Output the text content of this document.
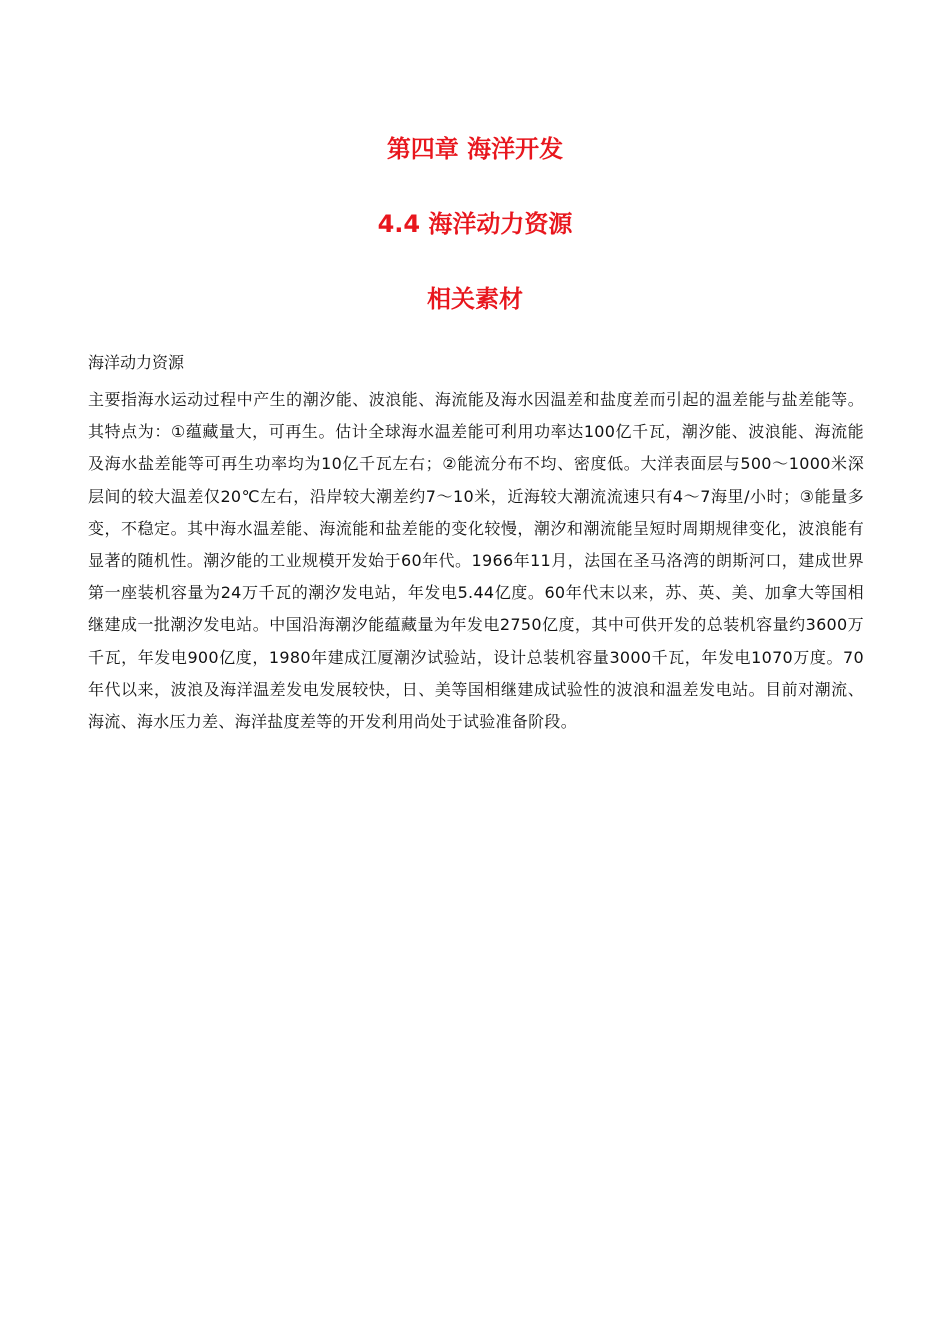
第四章 海洋开发
4.4 海洋动力资源
相关素材

海洋动力资源

主要指海水运动过程中产生的潮汐能、波浪能、海流能及海水因温差和盐度差而引起的温差能与盐差能等。其特点为：①蕴藏量大，可再生。估计全球海水温差能可利用功率达100亿千瓦，潮汐能、波浪能、海流能及海水盐差能等可再生功率均为10亿千瓦左右；②能流分布不均、密度低。大洋表面层与500～1000米深层间的较大温差仅20℃左右，沿岸较大潮差约7～10米，近海较大潮流流速只有4～7海里/小时；③能量多变，不稳定。其中海水温差能、海流能和盐差能的变化较慢，潮汐和潮流能呈短时周期规律变化，波浪能有显著的随机性。潮汐能的工业规模开发始于60年代。1966年11月，法国在圣马洛湾的朗斯河口，建成世界第一座装机容量为24万千瓦的潮汐发电站，年发电5.44亿度。60年代末以来，苏、英、美、加拿大等国相继建成一批潮汐发电站。中国沿海潮汐能蕴藏量为年发电2750亿度，其中可供开发的总装机容量约3600万千瓦，年发电900亿度，1980年建成江厦潮汐试验站，设计总装机容量3000千瓦，年发电1070万度。70年代以来，波浪及海洋温差发电发展较快，日、美等国相继建成试验性的波浪和温差发电站。目前对潮流、海流、海水压力差、海洋盐度差等的开发利用尚处于试验准备阶段。
